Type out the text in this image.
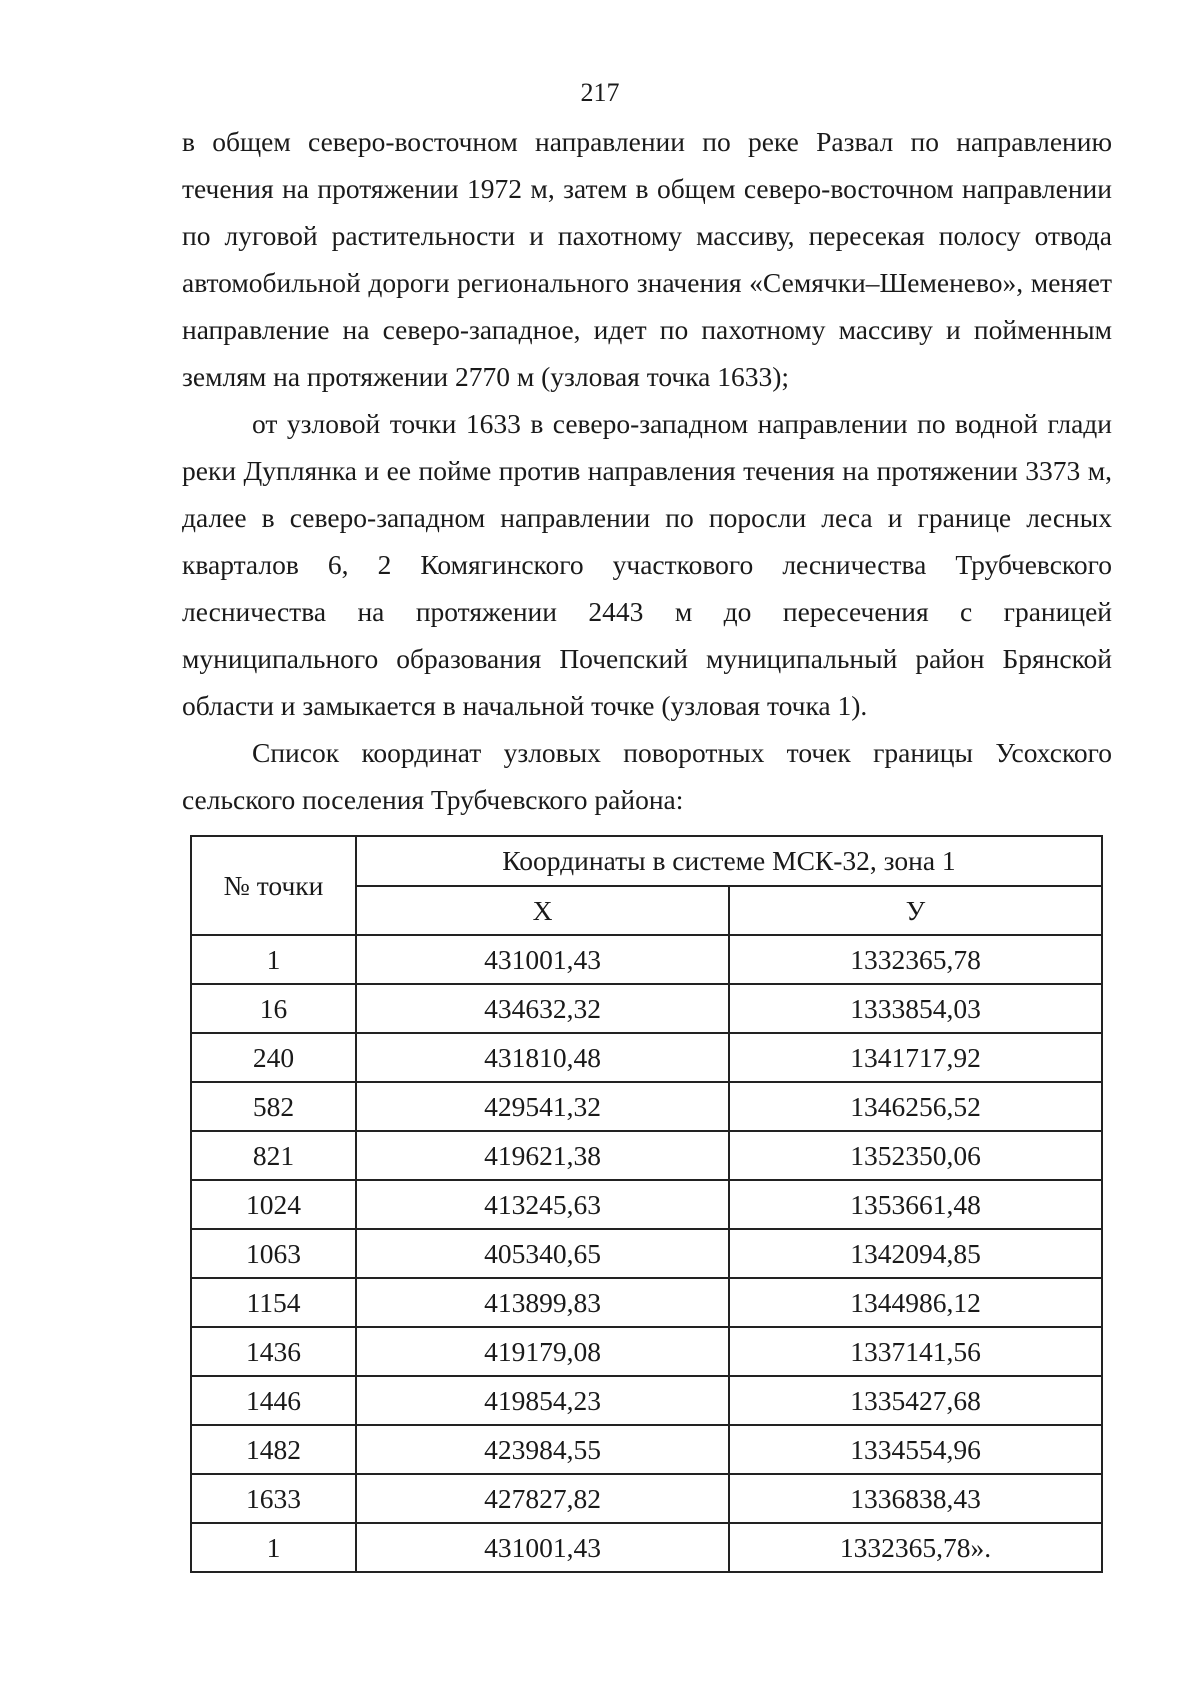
217

в общем северо-восточном направлении по реке Развал по направлению течения на протяжении 1972 м, затем в общем северо-восточном направлении по луговой растительности и пахотному массиву, пересекая полосу отвода автомобильной дороги регионального значения «Семячки–Шеменево», меняет направление на северо-западное, идет по пахотному массиву и пойменным землям на протяжении 2770 м (узловая точка 1633);

от узловой точки 1633 в северо-западном направлении по водной глади реки Дуплянка и ее пойме против направления течения на протяжении 3373 м, далее в северо-западном направлении по поросли леса и границе лесных кварталов 6, 2 Комягинского участкового лесничества Трубчевского лесничества на протяжении 2443 м до пересечения с границей муниципального образования Почепский муниципальный район Брянской области и замыкается в начальной точке (узловая точка 1).

Список координат узловых поворотных точек границы Усохского сельского поселения Трубчевского района:

№ точки	Координаты в системе МСК-32, зона 1	
	Х	У
1	431001,43	1332365,78
16	434632,32	1333854,03
240	431810,48	1341717,92
582	429541,32	1346256,52
821	419621,38	1352350,06
1024	413245,63	1353661,48
1063	405340,65	1342094,85
1154	413899,83	1344986,12
1436	419179,08	1337141,56
1446	419854,23	1335427,68
1482	423984,55	1334554,96
1633	427827,82	1336838,43
1	431001,43	1332365,78».
